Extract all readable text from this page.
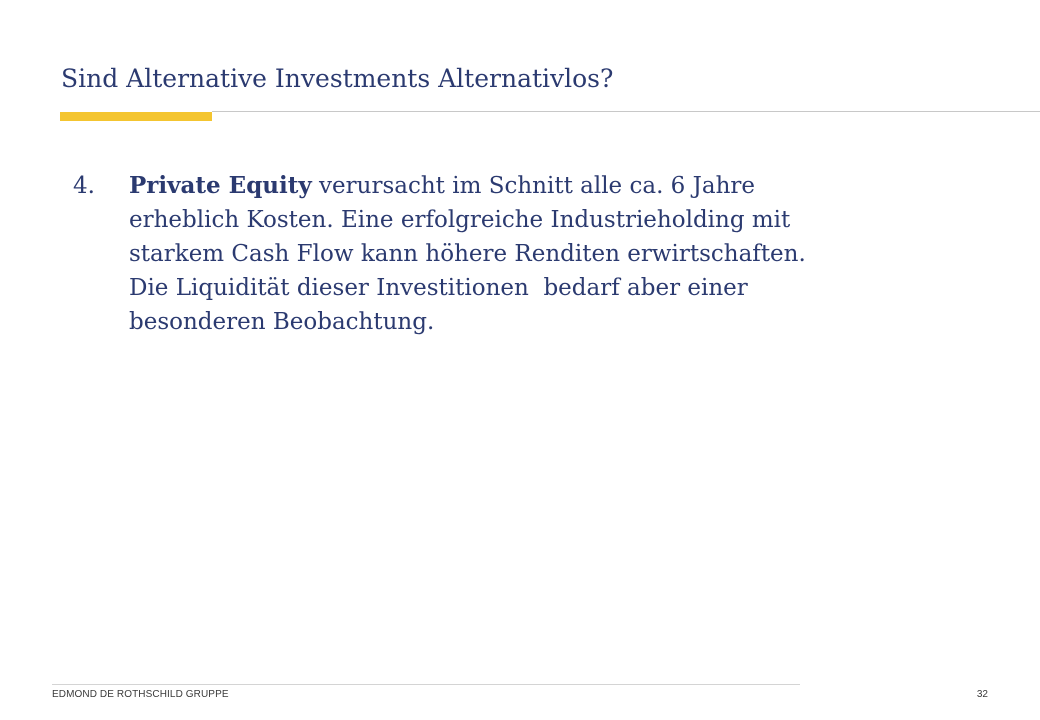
Sind Alternative Investments Alternativlos?
4. Private Equity verursacht im Schnitt alle ca. 6 Jahre
erheblich Kosten. Eine erfolgreiche Industrieholding mit
starkem Cash Flow kann höhere Renditen erwirtschaften.
Die Liquidität dieser Investitionen  bedarf aber einer
besonderen Beobachtung.
EDMOND DE ROTHSCHILD GRUPPE	32
